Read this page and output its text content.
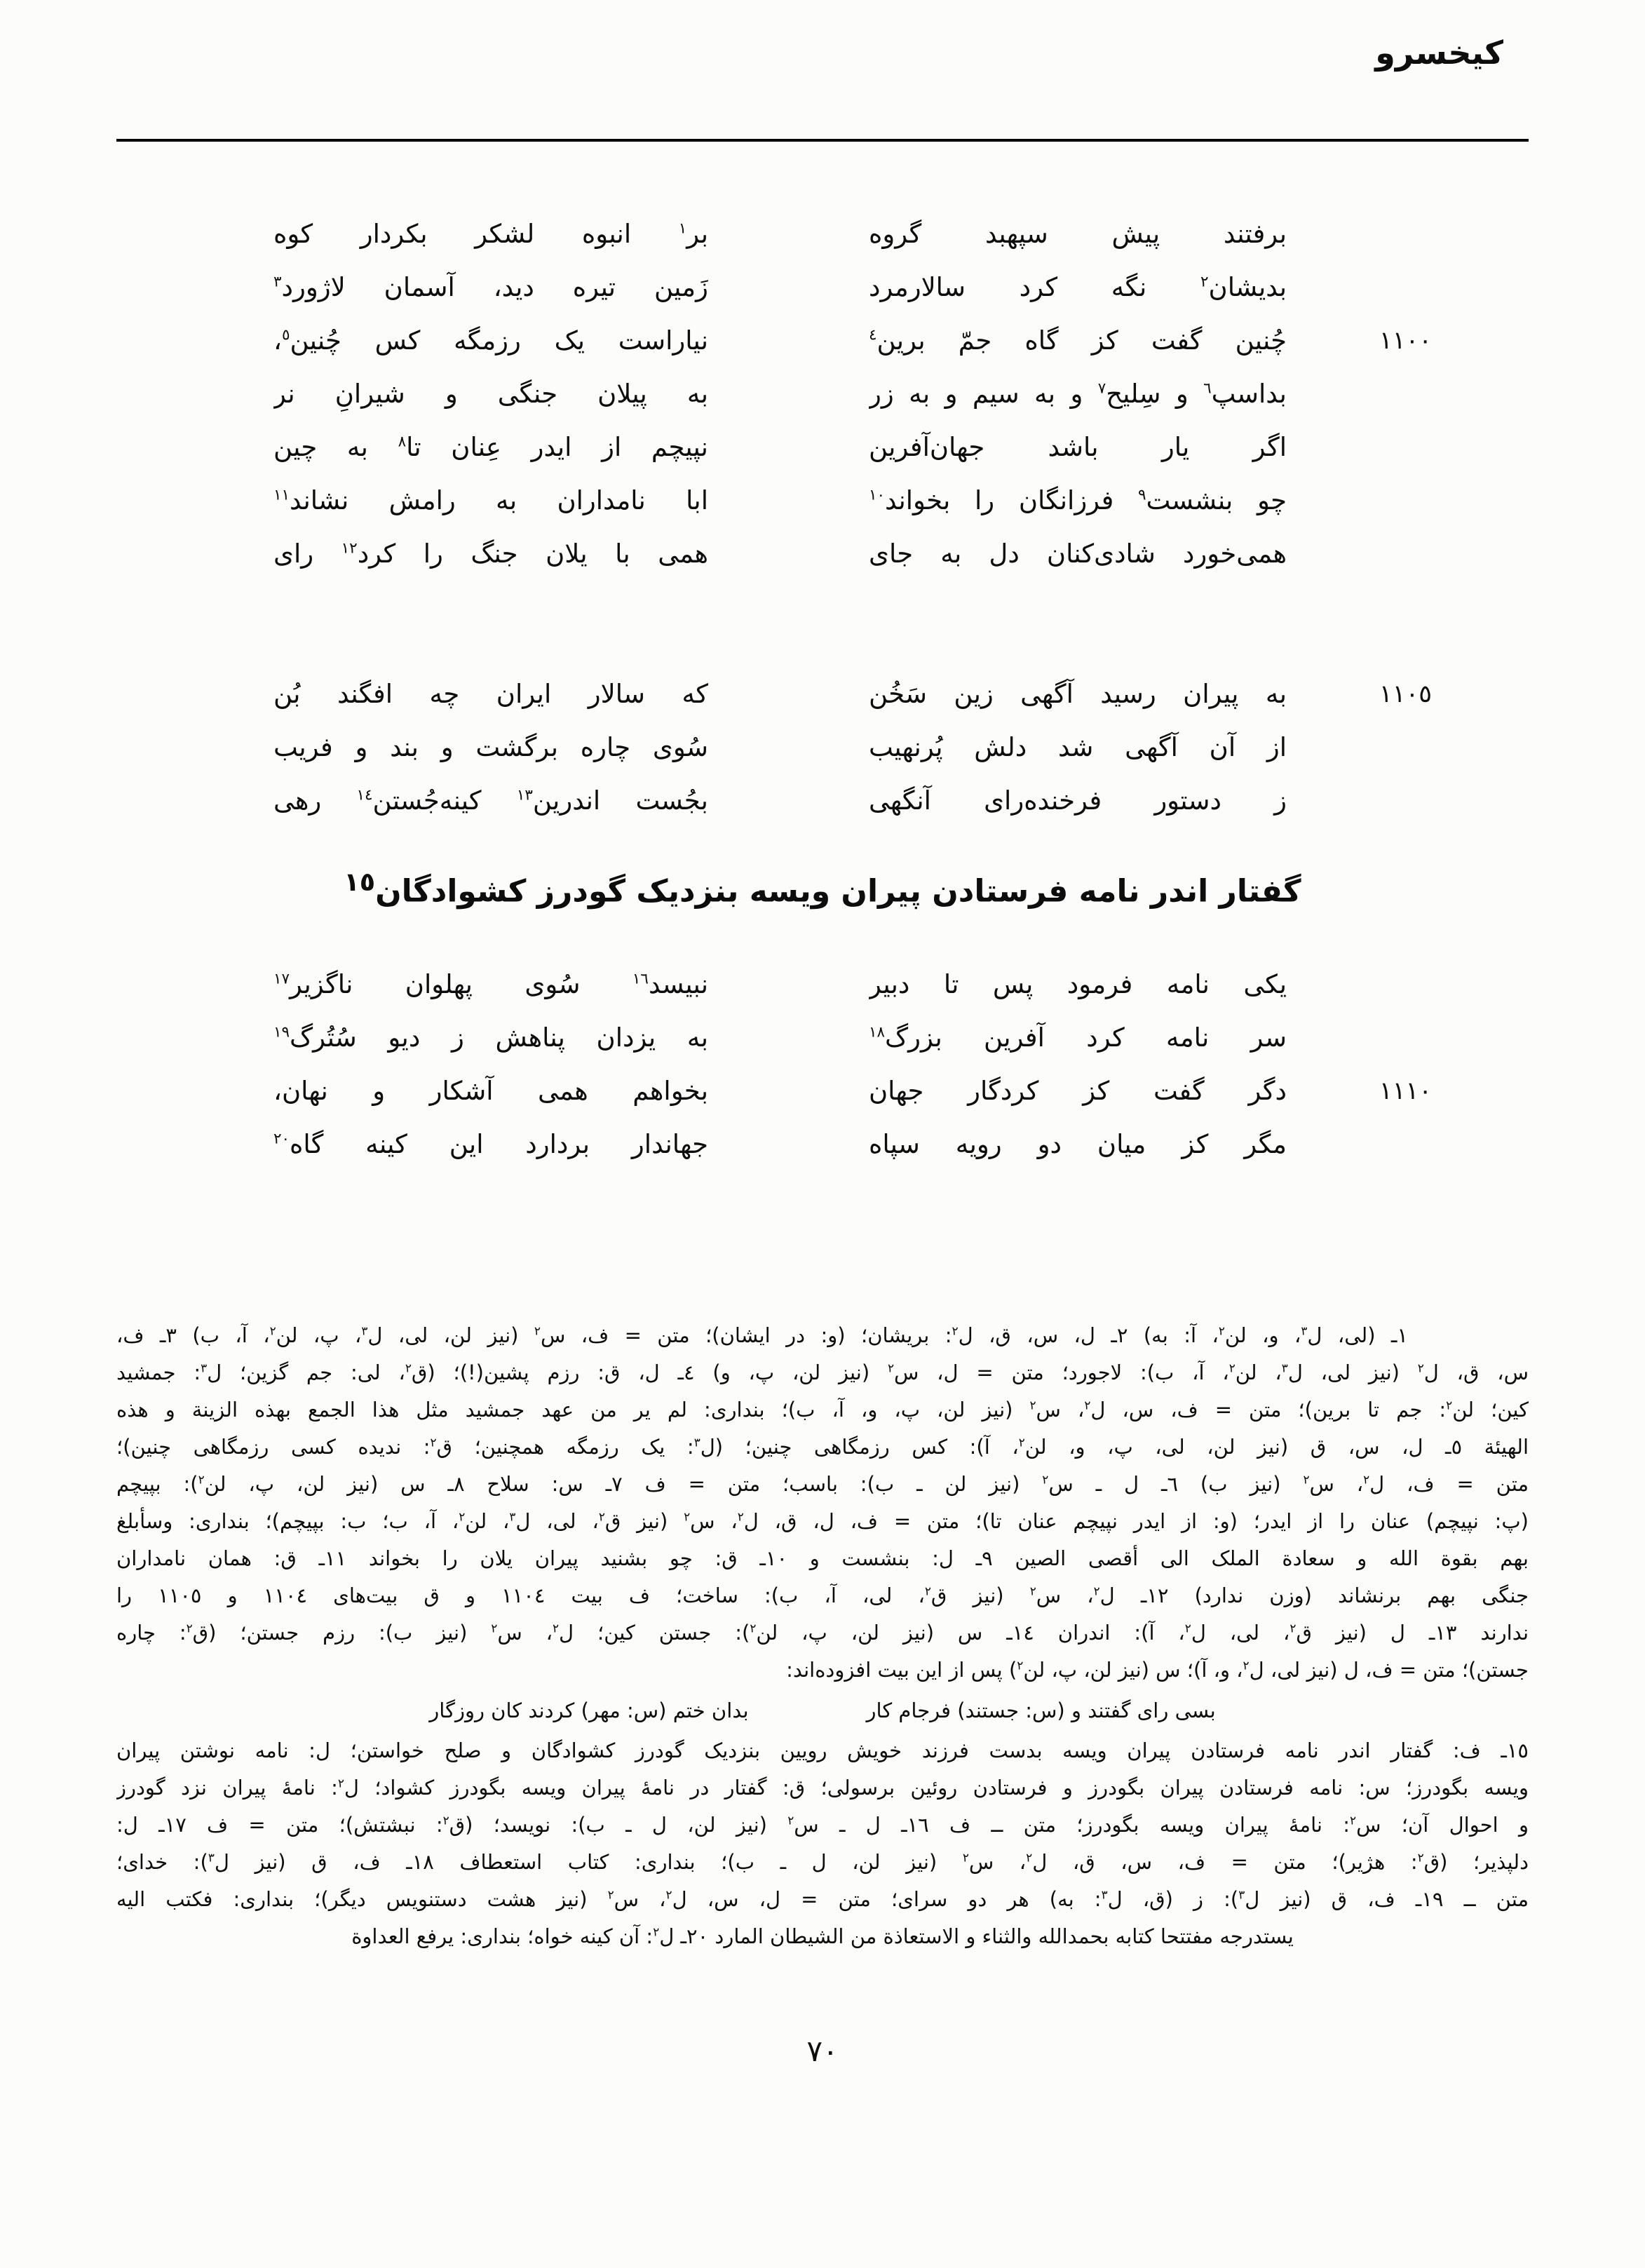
کیخسرو
برفتند پیش سپهبد گروه
بر$^١$ انبوه لشکر بکردار کوه
بدیشان$^٢$ نگه کرد سالارمرد
زَمین تیره دید، آسمان لاژورد$^٣$
١١٠٠
چُنین گفت کز گاه جمّ برین$^٤$
نیاراست یک رزمگه کس چُنین$^٥$،
بداسپ$^٦$ و سِلیح$^٧$ و به سیم و به زر
به پیلان جنگی و شیرانِ نر
اگر یار باشد جهان‌آفرین
نپیچم از ایدر عِنان تا$^٨$ به چین
چو بنشست$^٩$ فرزانگان را بخواند$^{١٠}$
ابا نامداران به رامش نشاند$^{١١}$
همی‌خورد شادی‌کنان دل به جای
همی با یلان جنگ را کرد$^{١٢}$ رای
١١٠٥
به پیران رسید آگهی زین سَخُن
که سالار ایران چه افگند بُن
از آن آگهی شد دلش پُرنهیب
سُوی چاره برگشت و بند و فریب
ز دستور فرخنده‌رای آنگهی
بجُست اندرین$^{١٣}$ کینه‌جُستن$^{١٤}$ رهی
گفتار اندر نامه فرستادن پیران ویسه بنزدیک گودرز کشوادگان$^{١٥}$
یکی نامه فرمود پس تا دبیر
نبیسد$^{١٦}$ سُوی پهلوان ناگزیر$^{١٧}$
سر نامه کرد آفرین بزرگ$^{١٨}$
به یزدان پناهش ز دیو سُتُرگ$^{١٩}$
١١١٠
دگر گفت کز کردگار جهان
بخواهم همی آشکار و نهان،
مگر کز میان دو رویه سپاه
جهاندار بردارد این کینه گاه$^{٢٠}$
١ـ (لی، ل$^٣$، و، لن$^٢$، آ: به) ٢ـ ل، س، ق، ل$^٢$: بریشان؛ (و: در ایشان)؛ متن = ف، س$^٢$ (نیز لن، لی، ل$^٣$، پ، لن$^٢$، آ، ب) ٣ـ ف،
س، ق، ل$^٢$ (نیز لی، ل$^٣$، لن$^٢$، آ، ب): لاجورد؛ متن = ل، س$^٢$ (نیز لن، پ، و) ٤ـ ل، ق: رزم پشین(!)؛ (ق$^٢$، لی: جم گزین؛ ل$^٣$: جمشید
کین؛ لن$^٢$: جم تا برین)؛ متن = ف، س، ل$^٢$، س$^٢$ (نیز لن، پ، و، آ، ب)؛ بنداری: لم یر من عهد جمشید مثل هذا الجمع بهذه الزینة و هذه
الهیئة ٥ـ ل، س، ق (نیز لن، لی، پ، و، لن$^٢$، آ): کس رزمگاهی چنین؛ (ل$^٣$: یک رزمگه همچنین؛ ق$^٢$: ندیده کسی رزمگاهی چنین)؛
متن = ف، ل$^٢$، س$^٢$ (نیز ب) ٦ـ ل ـ س$^٢$ (نیز لن ـ ب): باسب؛ متن = ف ٧ـ س: سلاح ٨ـ س (نیز لن، پ، لن$^٢$): بپیچم
(پ: نپیچم) عنان را از ایدر؛ (و: از ایدر نپیچم عنان تا)؛ متن = ف، ل، ق، ل$^٢$، س$^٢$ (نیز ق$^٢$، لی، ل$^٣$، لن$^٢$، آ، ب؛ ب: بپیچم)؛ بنداری: وسأبلغ
بهم بقوة الله و سعادة الملک الی أقصی الصین ٩ـ ل: بنشست و ١٠ـ ق: چو بشنید پیران یلان را بخواند ١١ـ ق: همان نامداران
جنگی بهم برنشاند (وزن ندارد) ١٢ـ ل$^٢$، س$^٢$ (نیز ق$^٢$، لی، آ، ب): ساخت؛ ف بیت ١١٠٤ و ق بیت‌های ١١٠٤ و ١١٠٥ را
ندارند ١٣ـ ل (نیز ق$^٢$، لی، ل$^٢$، آ): اندران ١٤ـ س (نیز لن، پ، لن$^٢$): جستن کین؛ ل$^٢$، س$^٢$ (نیز ب): رزم جستن؛ (ق$^٢$: چاره
جستن)؛ متن = ف، ل (نیز لی، ل$^٢$، و، آ)؛ س (نیز لن، پ، لن$^٢$) پس از این بیت افزوده‌اند:
بسی رای گفتند و (س: جستند) فرجام کار
بدان ختم (س: مهر) کردند کان روزگار
١٥ـ ف: گفتار اندر نامه فرستادن پیران ویسه بدست فرزند خویش رویین بنزدیک گودرز کشوادگان و صلح خواستن؛ ل: نامه نوشتن پیران
ویسه بگودرز؛ س: نامه فرستادن پیران بگودرز و فرستادن روئین برسولی؛ ق: گفتار در نامهٔ پیران ویسه بگودرز کشواد؛ ل$^٢$: نامهٔ پیران نزد گودرز
و احوال آن؛ س$^٢$: نامهٔ پیران ویسه بگودرز؛ متن ــ ف ١٦ـ ل ـ س$^٢$ (نیز لن، ل ـ ب): نویسد؛ (ق$^٢$: نبشتش)؛ متن = ف ١٧ـ ل:
دلپذیر؛ (ق$^٢$: هژیر)؛ متن = ف، س، ق، ل$^٢$، س$^٢$ (نیز لن، ل ـ ب)؛ بنداری: کتاب استعطاف ١٨ـ ف، ق (نیز ل$^٣$): خدای؛
متن ــ ١٩ـ ف، ق (نیز ل$^٣$): ز (ق، ل$^٣$: به) هر دو سرای؛ متن = ل، س، ل$^٢$، س$^٢$ (نیز هشت دستنویس دیگر)؛ بنداری: فکتب الیه
یستدرجه مفتتحا کتابه بحمدالله والثناء و الاستعاذة من الشیطان المارد ٢٠ـ ل$^٢$: آن کینه خواه؛ بنداری: یرفع العداوة
٧٠
